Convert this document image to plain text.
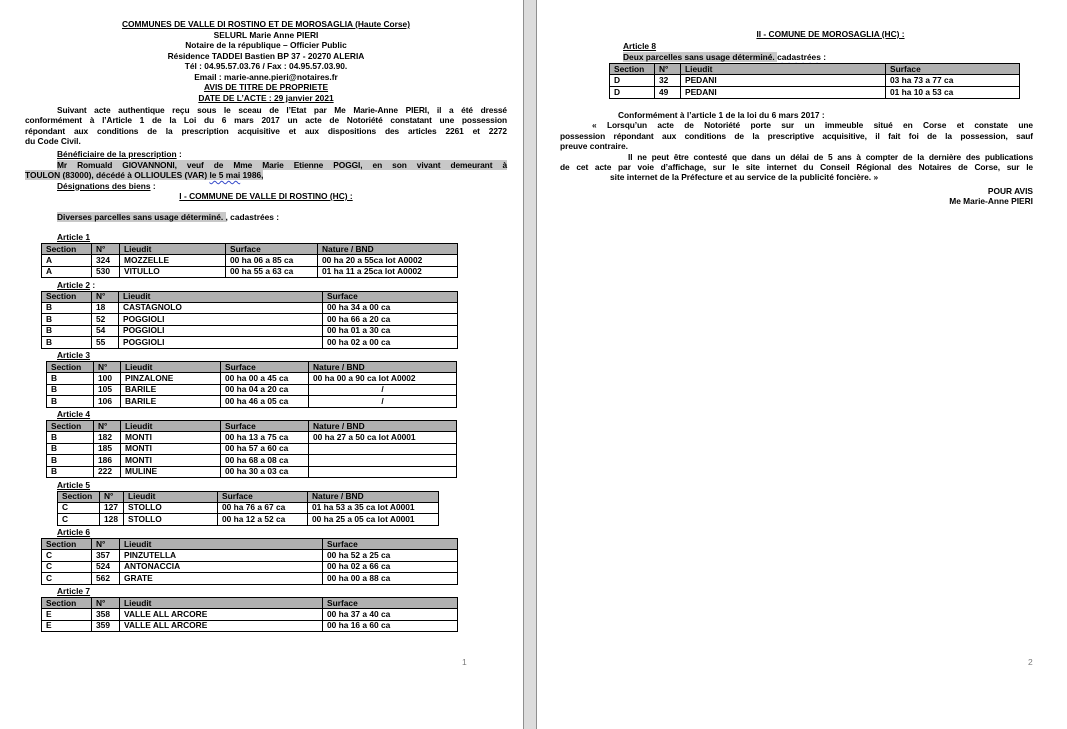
COMMUNES DE VALLE DI ROSTINO ET DE MOROSAGLIA (Haute Corse)
SELURL Marie Anne PIERI
Notaire de la république – Officier Public
Résidence TADDEI Bastien BP 37 - 20270 ALERIA
Tél : 04.95.57.03.76 / Fax : 04.95.57.03.90.
Email : marie-anne.pieri@notaires.fr
AVIS DE TITRE DE PROPRIETE
DATE DE L’ACTE : 29 janvier 2021
Suivant acte authentique reçu sous le sceau de l’Etat par Me Marie-Anne PIERI, il a été dressé
conformément à l’Article 1 de la Loi du 6 mars 2017 un acte de Notoriété constatant une possession
répondant aux conditions de la prescription acquisitive et aux dispositions des articles 2261 et 2272
du Code Civil.
Bénéficiaire de la prescription :
Mr Romuald GIOVANNONI, veuf de Mme Marie Etienne POGGI, en son vivant demeurant à
TOULON (83000), décédé à OLLIOULES (VAR) le 5 mai 1986,
Désignations des biens :
I - COMMUNE DE VALLE DI ROSTINO (HC) :
Diverses parcelles sans usage déterminé. , cadastrées :
Article 1
Section	N°	Lieudit	Surface	Nature / BND
A	324	MOZZELLE	00 ha 06 a 85 ca	00 ha 20 a 55ca lot A0002
A	530	VITULLO	00 ha 55 a 63 ca	01 ha 11 a 25ca lot A0002
Article 2 :
Section	N°	Lieudit	Surface
B	18	CASTAGNOLO	00 ha 34 a 00 ca
B	52	POGGIOLI	00 ha 66 a 20 ca
B	54	POGGIOLI	00 ha 01 a 30 ca
B	55	POGGIOLI	00 ha 02 a 00 ca
Article 3
Section	N°	Lieudit	Surface	Nature / BND
B	100	PINZALONE	00 ha 00 a 45 ca	00 ha 00 a 90 ca lot A0002
B	105	BARILE	00 ha 04 a 20 ca	/
B	106	BARILE	00 ha 46 a 05 ca	/
Article 4
Section	N°	Lieudit	Surface	Nature / BND
B	182	MONTI	00 ha 13 a 75 ca	00 ha 27 a 50 ca lot A0001
B	185	MONTI	00 ha 57 a 60 ca	
B	186	MONTI	00 ha 68 a 08 ca	
B	222	MULINE	00 ha 30 a 03 ca	
Article 5
Section	N°	Lieudit	Surface	Nature / BND
C	127	STOLLO	00 ha 76 a 67 ca	01 ha 53 a 35 ca lot A0001
C	128	STOLLO	00 ha 12 a 52 ca	00 ha 25 a 05 ca lot A0001
Article 6
Section	N°	Lieudit	Surface
C	357	PINZUTELLA	00 ha 52 a 25 ca
C	524	ANTONACCIA	00 ha 02 a 66 ca
C	562	GRATE	00 ha 00 a 88 ca
Article 7
Section	N°	Lieudit	Surface
E	358	VALLE ALL ARCORE	00 ha 37 a 40 ca
E	359	VALLE ALL ARCORE	00 ha 16 a 60 ca
II - COMUNE DE MOROSAGLIA (HC) :
Article 8
Deux parcelles sans usage déterminé. cadastrées :
Section	N°	Lieudit	Surface
D	32	PEDANI	03 ha 73 a 77 ca
D	49	PEDANI	01 ha 10 a 53 ca
Conformément à l’article 1 de la loi du 6 mars 2017 :
« Lorsqu’un acte de Notoriété porte sur un immeuble situé en Corse et constate une
possession répondant aux conditions de la prescriptive acquisitive, il fait foi de la possession, sauf
preuve contraire.
Il ne peut être contesté que dans un délai de 5 ans à compter de la dernière des publications
de cet acte par voie d’affichage, sur le site internet du Conseil Régional des Notaires de Corse, sur le
site internet de la Préfecture et au service de la publicité foncière. »
POUR AVIS
Me Marie-Anne PIERI
1	2
